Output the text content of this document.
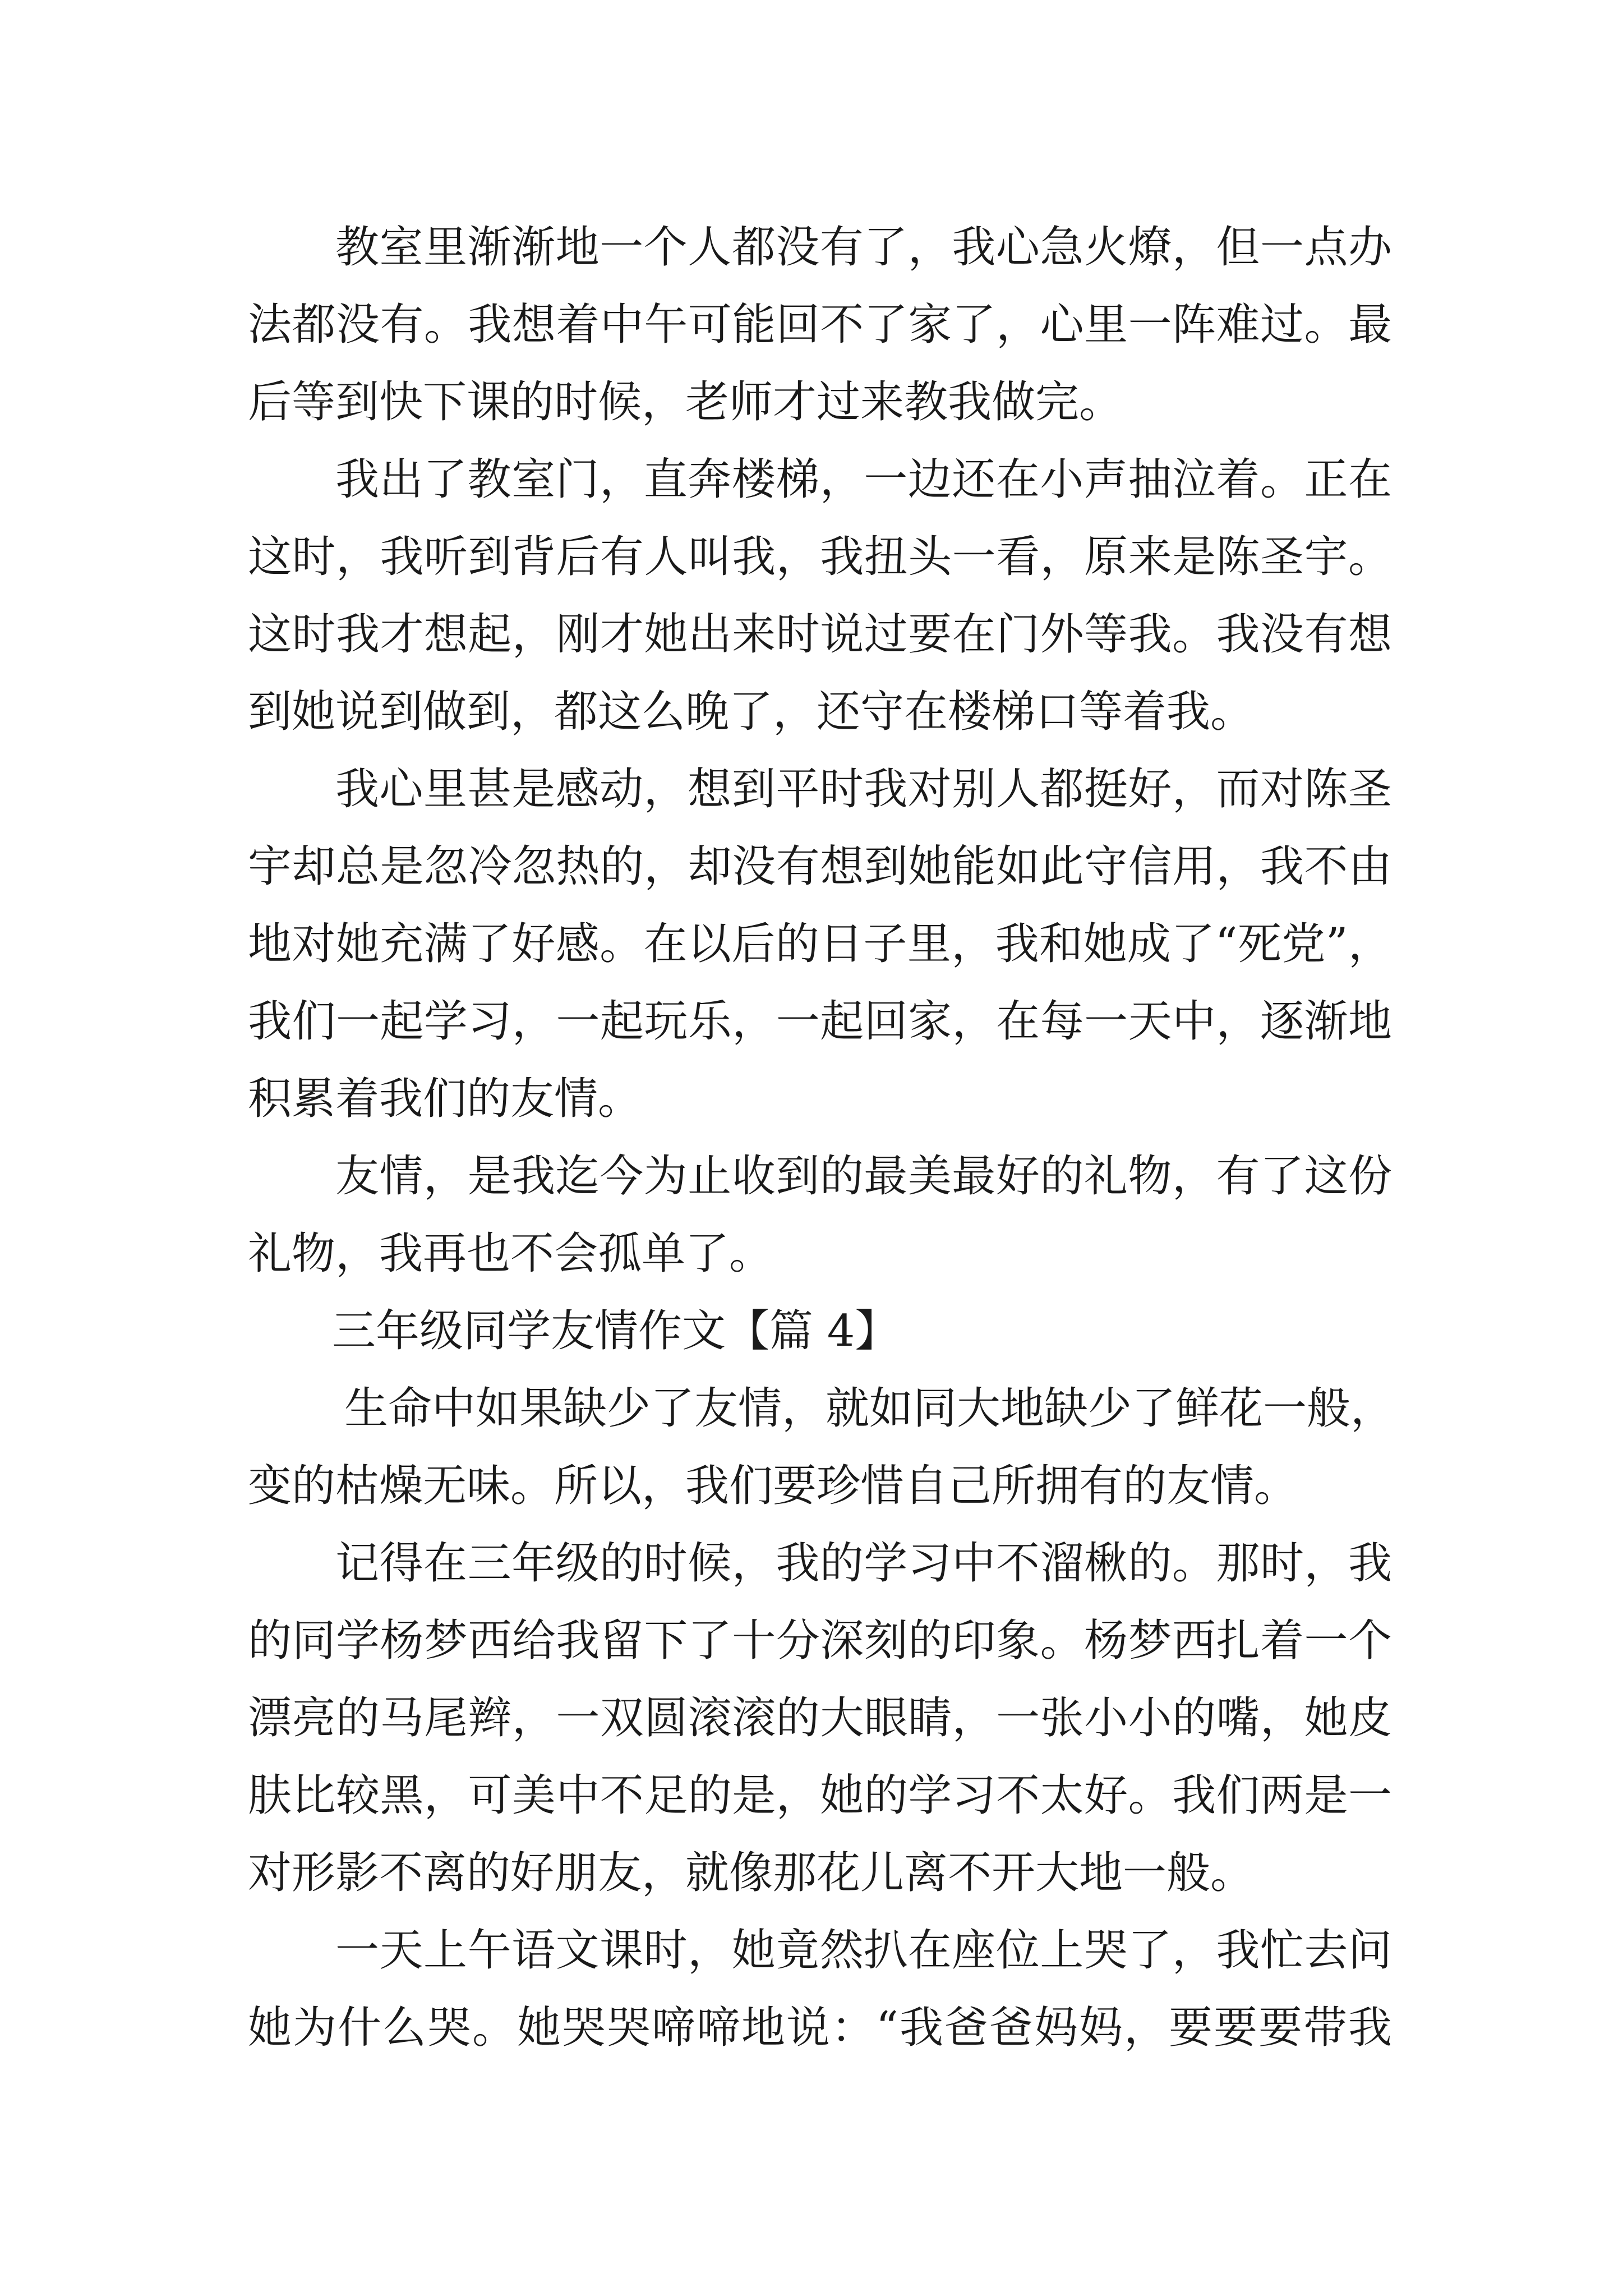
教室里渐渐地一个人都没有了，我心急火燎，但一点办
法都没有。我想着中午可能回不了家了，心里一阵难过。最
后等到快下课的时候，老师才过来教我做完。
我出了教室门，直奔楼梯，一边还在小声抽泣着。正在
这时，我听到背后有人叫我，我扭头一看，原来是陈圣宇。
这时我才想起，刚才她出来时说过要在门外等我。我没有想
到她说到做到，都这么晚了，还守在楼梯口等着我。
我心里甚是感动，想到平时我对别人都挺好，而对陈圣
宇却总是忽冷忽热的，却没有想到她能如此守信用，我不由
地对她充满了好感。在以后的日子里，我和她成了“死党”，
我们一起学习，一起玩乐，一起回家，在每一天中，逐渐地
积累着我们的友情。
友情，是我迄今为止收到的最美最好的礼物，有了这份
礼物，我再也不会孤单了。
三年级同学友情作文【篇 4】
生命中如果缺少了友情，就如同大地缺少了鲜花一般，
变的枯燥无味。所以，我们要珍惜自己所拥有的友情。
记得在三年级的时候，我的学习中不溜楸的。那时，我
的同学杨梦西给我留下了十分深刻的印象。杨梦西扎着一个
漂亮的马尾辫，一双圆滚滚的大眼睛，一张小小的嘴，她皮
肤比较黑，可美中不足的是，她的学习不太好。我们两是一
对形影不离的好朋友，就像那花儿离不开大地一般。
一天上午语文课时，她竟然扒在座位上哭了，我忙去问
她为什么哭。她哭哭啼啼地说：“我爸爸妈妈，要要要带我
